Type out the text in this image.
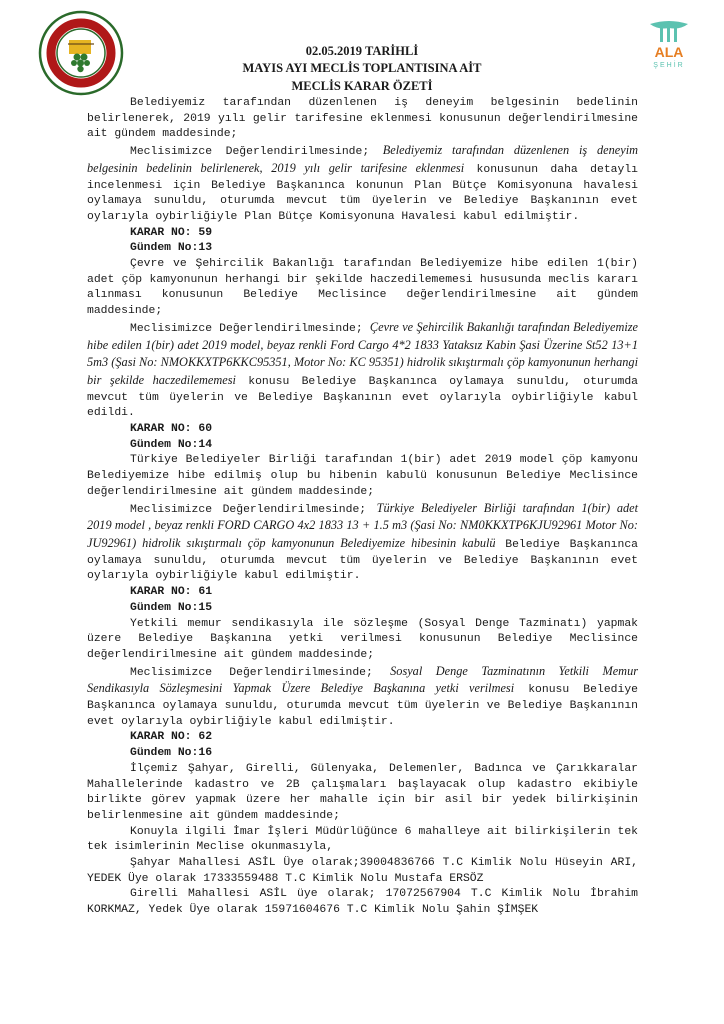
ALA
ŞEHİR
02.05.2019 TARİHLİ
MAYIS AYI MECLİS TOPLANTISINA AİT
MECLİS KARAR ÖZETİ

Belediyemiz tarafından düzenlenen iş deneyim belgesinin bedelinin belirlenerek, 2019 yılı gelir tarifesine eklenmesi konusunun değerlendirilmesine ait gündem maddesinde;

Meclisimizce Değerlendirilmesinde; Belediyemiz tarafından düzenlenen iş deneyim belgesinin bedelinin belirlenerek, 2019 yılı gelir tarifesine eklenmesi konusunun daha detaylı incelenmesi için Belediye Başkanınca konunun Plan Bütçe Komisyonuna havalesi oylamaya sunuldu, oturumda mevcut tüm üyelerin ve Belediye Başkanının evet oylarıyla oybirliğiyle Plan Bütçe Komisyonuna Havalesi kabul edilmiştir.

KARAR NO: 59

Gündem No:13

Çevre ve Şehircilik Bakanlığı tarafından Belediyemize hibe edilen 1(bir) adet çöp kamyonunun herhangi bir şekilde haczedilememesi hususunda meclis kararı alınması konusunun Belediye Meclisince değerlendirilmesine ait gündem maddesinde;

Meclisimizce Değerlendirilmesinde; Çevre ve Şehircilik Bakanlığı tarafından Belediyemize hibe edilen 1(bir) adet 2019 model, beyaz renkli Ford Cargo 4*2 1833 Yataksız Kabin Şasi Üzerine St52 13+1 5m3 (Şasi No: NMOKKXTP6KKC95351, Motor No: KC 95351) hidrolik sıkıştırmalı çöp kamyonunun herhangi bir şekilde haczedilememesi konusu Belediye Başkanınca oylamaya sunuldu, oturumda mevcut tüm üyelerin ve Belediye Başkanının evet oylarıyla oybirliğiyle kabul edildi.

KARAR NO: 60

Gündem No:14

Türkiye Belediyeler Birliği tarafından 1(bir) adet 2019 model çöp kamyonu Belediyemize hibe edilmiş olup bu hibenin kabulü konusunun Belediye Meclisince değerlendirilmesine ait gündem maddesinde;

Meclisimizce Değerlendirilmesinde; Türkiye Belediyeler Birliği tarafından 1(bir) adet 2019 model , beyaz renkli FORD CARGO 4x2 1833 13 + 1.5 m3 (Şasi No: NM0KKXTP6KJU92961 Motor No: JU92961) hidrolik sıkıştırmalı çöp kamyonunun Belediyemize hibesinin kabulü Belediye Başkanınca oylamaya sunuldu, oturumda mevcut tüm üyelerin ve Belediye Başkanının evet oylarıyla oybirliğiyle kabul edilmiştir.

KARAR NO: 61

Gündem No:15

Yetkili memur sendikasıyla ile sözleşme (Sosyal Denge Tazminatı) yapmak üzere Belediye Başkanına yetki verilmesi konusunun Belediye Meclisince değerlendirilmesine ait gündem maddesinde;

Meclisimizce Değerlendirilmesinde; Sosyal Denge Tazminatının Yetkili Memur Sendikasıyla Sözleşmesini Yapmak Üzere Belediye Başkanına yetki verilmesi konusu Belediye Başkanınca oylamaya sunuldu, oturumda mevcut tüm üyelerin ve Belediye Başkanının evet oylarıyla oybirliğiyle kabul edilmiştir.

KARAR NO: 62

Gündem No:16

İlçemiz Şahyar, Girelli, Gülenyaka, Delemenler, Badınca ve Çarıkkaralar Mahallelerinde kadastro ve 2B çalışmaları başlayacak olup kadastro ekibiyle birlikte görev yapmak üzere her mahalle için bir asil bir yedek bilirkişinin belirlenmesine ait gündem maddesinde;

Konuyla ilgili İmar İşleri Müdürlüğünce 6 mahalleye ait bilirkişilerin tek tek isimlerinin Meclise okunmasıyla,

Şahyar Mahallesi ASİL Üye olarak;39004836766 T.C Kimlik Nolu Hüseyin ARI, YEDEK Üye olarak 17333559488 T.C Kimlik Nolu Mustafa ERSÖZ

Girelli Mahallesi ASİL üye olarak; 17072567904 T.C Kimlik Nolu İbrahim KORKMAZ, Yedek Üye olarak 15971604676 T.C Kimlik Nolu Şahin ŞİMŞEK
